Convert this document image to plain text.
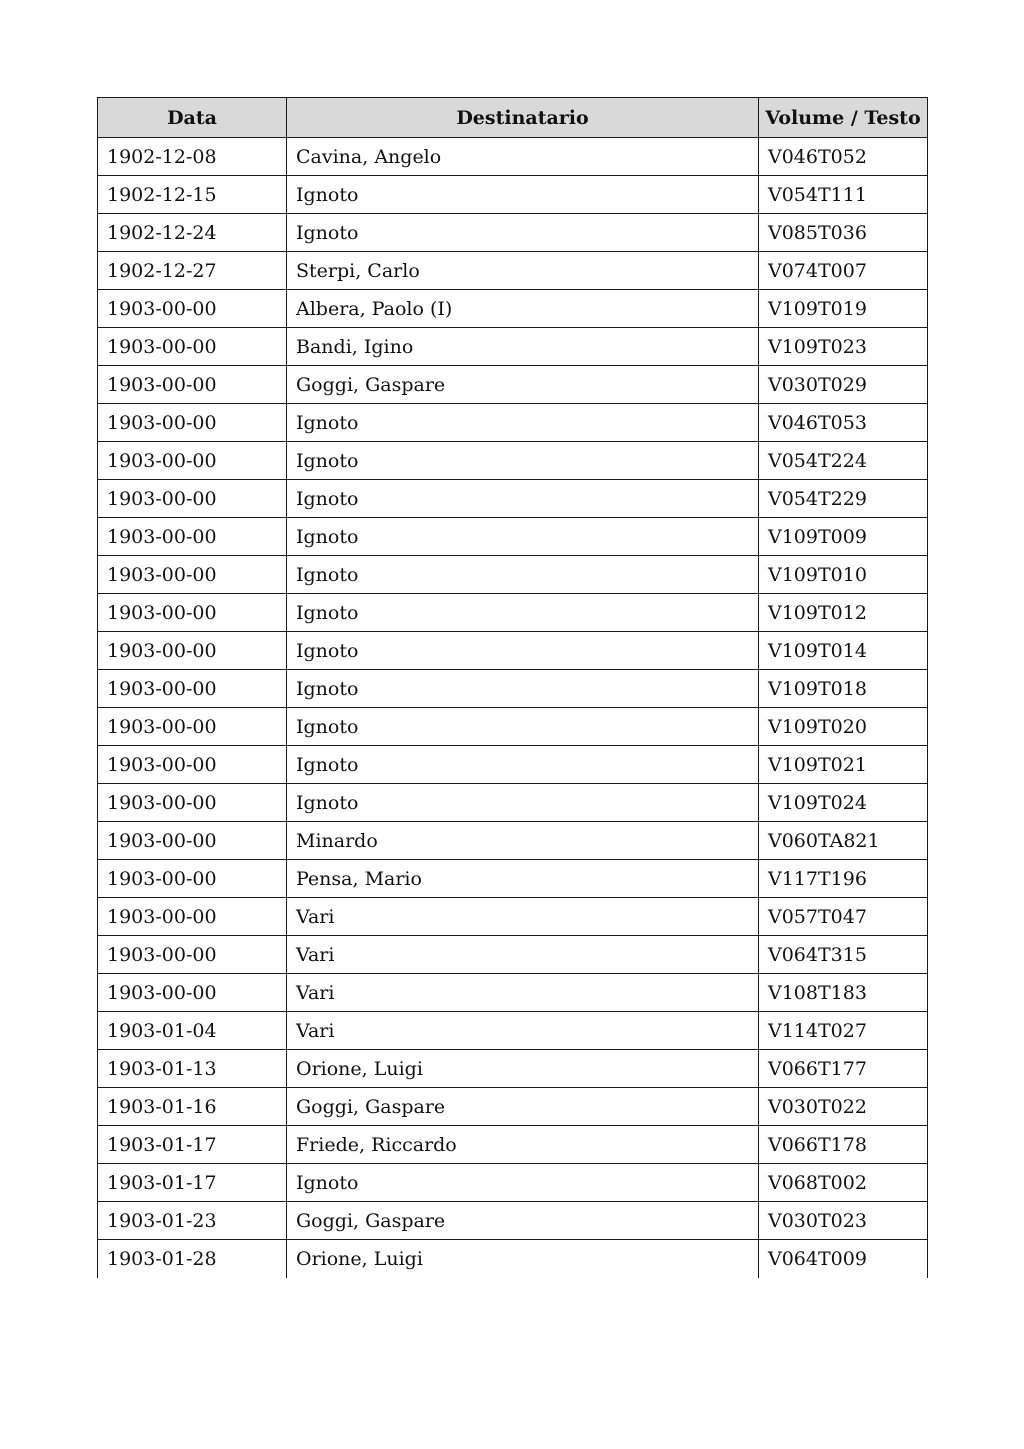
Data	Destinatario	Volume / Testo
1902-12-08	Cavina, Angelo	V046T052
1902-12-15	Ignoto	V054T111
1902-12-24	Ignoto	V085T036
1902-12-27	Sterpi, Carlo	V074T007
1903-00-00	Albera, Paolo (I)	V109T019
1903-00-00	Bandi, Igino	V109T023
1903-00-00	Goggi, Gaspare	V030T029
1903-00-00	Ignoto	V046T053
1903-00-00	Ignoto	V054T224
1903-00-00	Ignoto	V054T229
1903-00-00	Ignoto	V109T009
1903-00-00	Ignoto	V109T010
1903-00-00	Ignoto	V109T012
1903-00-00	Ignoto	V109T014
1903-00-00	Ignoto	V109T018
1903-00-00	Ignoto	V109T020
1903-00-00	Ignoto	V109T021
1903-00-00	Ignoto	V109T024
1903-00-00	Minardo	V060TA821
1903-00-00	Pensa, Mario	V117T196
1903-00-00	Vari	V057T047
1903-00-00	Vari	V064T315
1903-00-00	Vari	V108T183
1903-01-04	Vari	V114T027
1903-01-13	Orione, Luigi	V066T177
1903-01-16	Goggi, Gaspare	V030T022
1903-01-17	Friede, Riccardo	V066T178
1903-01-17	Ignoto	V068T002
1903-01-23	Goggi, Gaspare	V030T023
1903-01-28	Orione, Luigi	V064T009
